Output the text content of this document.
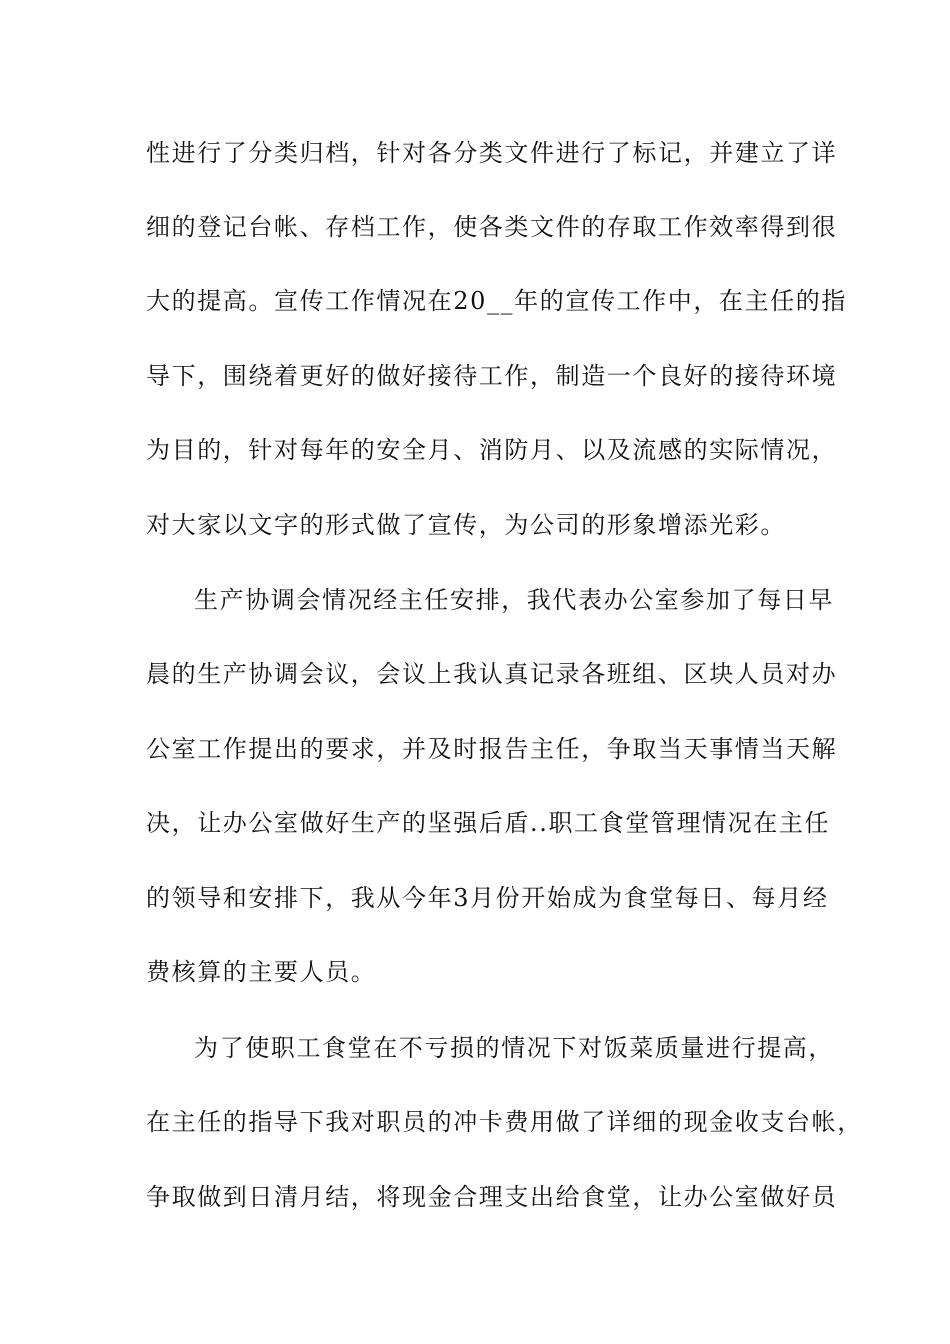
性进行了分类归档，针对各分类文件进行了标记，并建立了详
细的登记台帐、存档工作，使各类文件的存取工作效率得到很
大的提高。宣传工作情况在20__年的宣传工作中，在主任的指
导下，围绕着更好的做好接待工作，制造一个良好的接待环境
为目的，针对每年的安全月、消防月、以及流感的实际情况，
对大家以文字的形式做了宣传，为公司的形象增添光彩。
生产协调会情况经主任安排，我代表办公室参加了每日早
晨的生产协调会议，会议上我认真记录各班组、区块人员对办
公室工作提出的要求，并及时报告主任，争取当天事情当天解
决，让办公室做好生产的坚强后盾..职工食堂管理情况在主任
的领导和安排下，我从今年3月份开始成为食堂每日、每月经
费核算的主要人员。
为了使职工食堂在不亏损的情况下对饭菜质量进行提高，
在主任的指导下我对职员的冲卡费用做了详细的现金收支台帐，
争取做到日清月结，将现金合理支出给食堂，让办公室做好员
